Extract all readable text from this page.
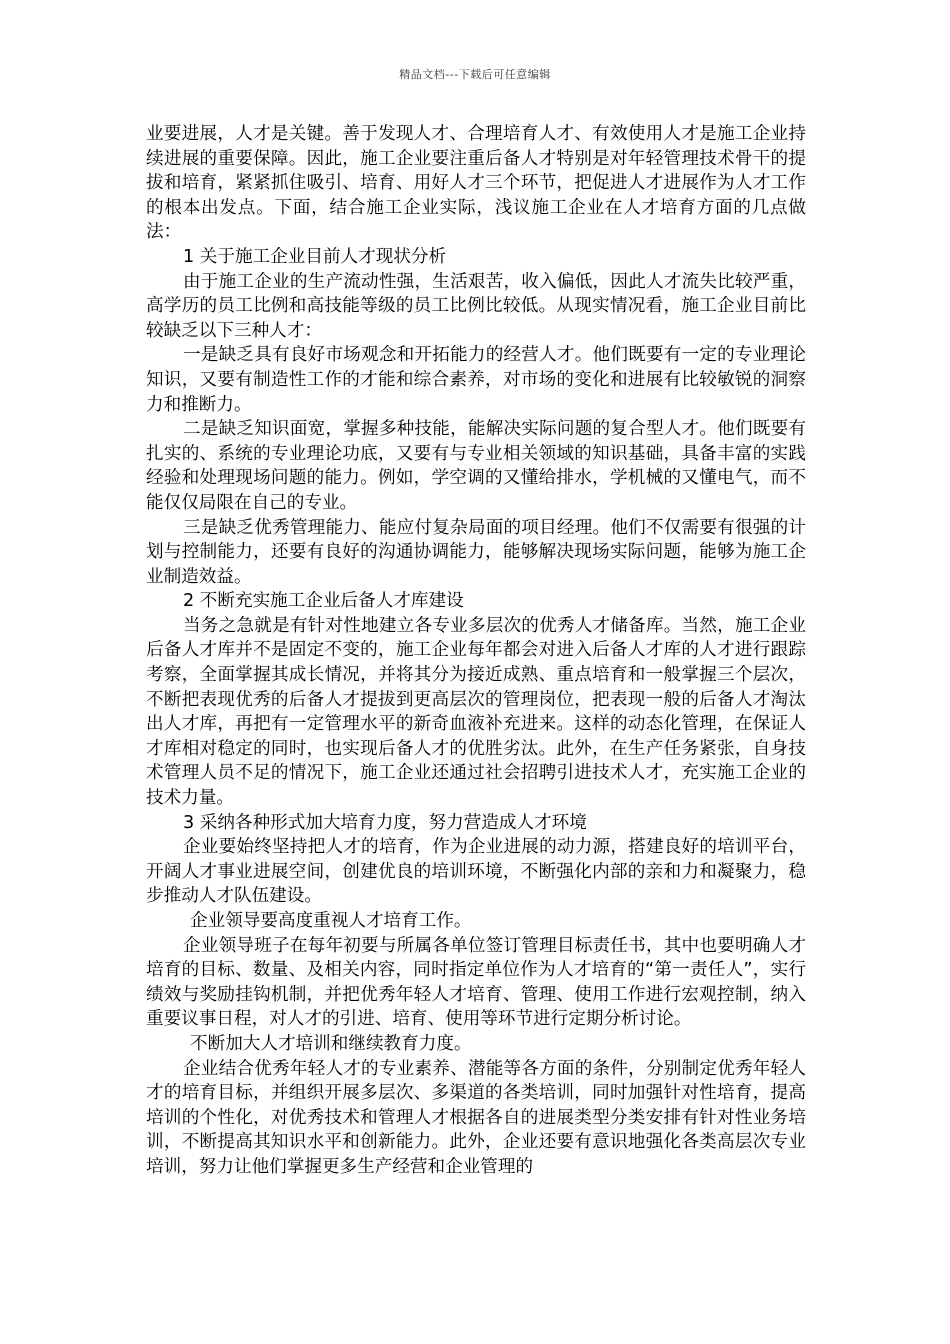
精品文档---下载后可任意编辑

业要进展，人才是关键。善于发现人才、合理培育人才、有效使用人才是施工企业持续进展的重要保障。因此，施工企业要注重后备人才特别是对年轻管理技术骨干的提拔和培育，紧紧抓住吸引、培育、用好人才三个环节，把促进人才进展作为人才工作的根本出发点。下面，结合施工企业实际，浅议施工企业在人才培育方面的几点做法：

1 关于施工企业目前人才现状分析

由于施工企业的生产流动性强，生活艰苦，收入偏低，因此人才流失比较严重，高学历的员工比例和高技能等级的员工比例比较低。从现实情况看，施工企业目前比较缺乏以下三种人才：

一是缺乏具有良好市场观念和开拓能力的经营人才。他们既要有一定的专业理论知识，又要有制造性工作的才能和综合素养，对市场的变化和进展有比较敏锐的洞察力和推断力。

二是缺乏知识面宽，掌握多种技能，能解决实际问题的复合型人才。他们既要有扎实的、系统的专业理论功底，又要有与专业相关领域的知识基础，具备丰富的实践经验和处理现场问题的能力。例如，学空调的又懂给排水，学机械的又懂电气，而不能仅仅局限在自己的专业。

三是缺乏优秀管理能力、能应付复杂局面的项目经理。他们不仅需要有很强的计划与控制能力，还要有良好的沟通协调能力，能够解决现场实际问题，能够为施工企业制造效益。

2 不断充实施工企业后备人才库建设

当务之急就是有针对性地建立各专业多层次的优秀人才储备库。当然，施工企业后备人才库并不是固定不变的，施工企业每年都会对进入后备人才库的人才进行跟踪考察，全面掌握其成长情况，并将其分为接近成熟、重点培育和一般掌握三个层次，不断把表现优秀的后备人才提拔到更高层次的管理岗位，把表现一般的后备人才淘汰出人才库，再把有一定管理水平的新奇血液补充进来。这样的动态化管理，在保证人才库相对稳定的同时，也实现后备人才的优胜劣汰。此外，在生产任务紧张，自身技术管理人员不足的情况下，施工企业还通过社会招聘引进技术人才，充实施工企业的技术力量。

3 采纳各种形式加大培育力度，努力营造成人才环境

企业要始终坚持把人才的培育，作为企业进展的动力源，搭建良好的培训平台，开阔人才事业进展空间，创建优良的培训环境，不断强化内部的亲和力和凝聚力，稳步推动人才队伍建设。

企业领导要高度重视人才培育工作。

企业领导班子在每年初要与所属各单位签订管理目标责任书，其中也要明确人才培育的目标、数量、及相关内容，同时指定单位作为人才培育的“第一责任人”，实行绩效与奖励挂钩机制，并把优秀年轻人才培育、管理、使用工作进行宏观控制，纳入重要议事日程，对人才的引进、培育、使用等环节进行定期分析讨论。

不断加大人才培训和继续教育力度。

企业结合优秀年轻人才的专业素养、潜能等各方面的条件，分别制定优秀年轻人才的培育目标，并组织开展多层次、多渠道的各类培训，同时加强针对性培育，提高培训的个性化，对优秀技术和管理人才根据各自的进展类型分类安排有针对性业务培训，不断提高其知识水平和创新能力。此外，企业还要有意识地强化各类高层次专业培训，努力让他们掌握更多生产经营和企业管理的
